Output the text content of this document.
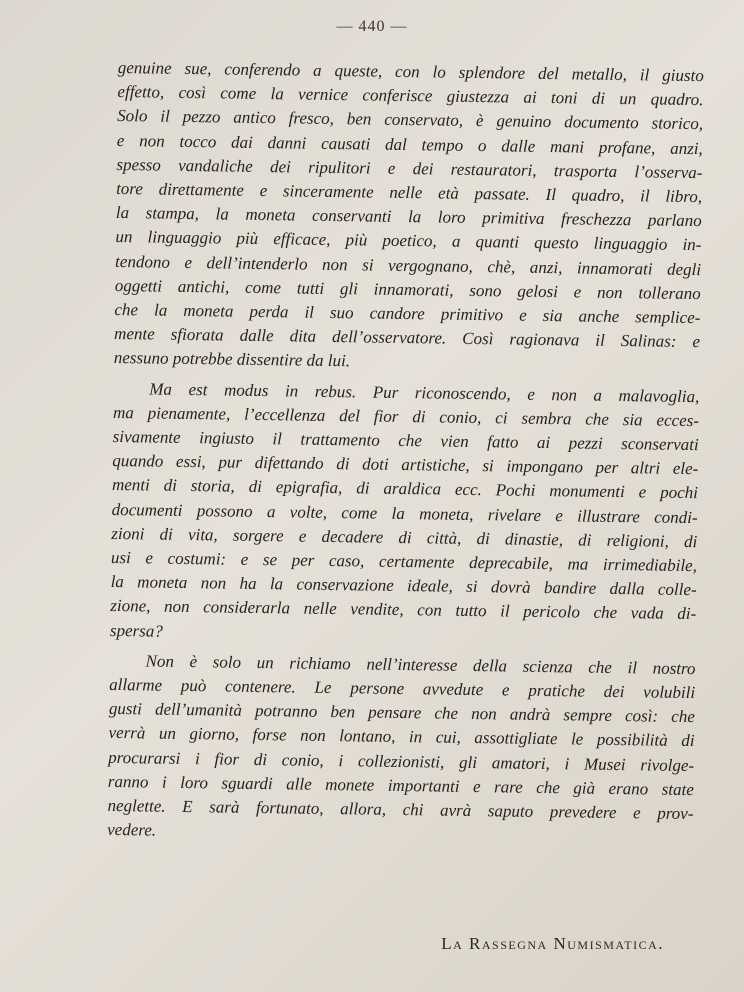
— 440 —
genuine sue, conferendo a queste, con lo splendore del metallo, il giusto
effetto, così come la vernice conferisce giustezza ai toni di un quadro.
Solo il pezzo antico fresco, ben conservato, è genuino documento storico,
e non tocco dai danni causati dal tempo o dalle mani profane, anzi,
spesso vandaliche dei ripulitori e dei restauratori, trasporta l’osserva-
tore direttamente e sinceramente nelle età passate. Il quadro, il libro,
la stampa, la moneta conservanti la loro primitiva freschezza parlano
un linguaggio più efficace, più poetico, a quanti questo linguaggio in-
tendono e dell’intenderlo non si vergognano, chè, anzi, innamorati degli
oggetti antichi, come tutti gli innamorati, sono gelosi e non tollerano
che la moneta perda il suo candore primitivo e sia anche semplice-
mente sfiorata dalle dita dell’osservatore. Così ragionava il Salinas: e
nessuno potrebbe dissentire da lui.
Ma est modus in rebus. Pur riconoscendo, e non a malavoglia,
ma pienamente, l’eccellenza del fior di conio, ci sembra che sia ecces-
sivamente ingiusto il trattamento che vien fatto ai pezzi sconservati
quando essi, pur difettando di doti artistiche, si impongano per altri ele-
menti di storia, di epigrafia, di araldica ecc. Pochi monumenti e pochi
documenti possono a volte, come la moneta, rivelare e illustrare condi-
zioni di vita, sorgere e decadere di città, di dinastie, di religioni, di
usi e costumi: e se per caso, certamente deprecabile, ma irrimediabile,
la moneta non ha la conservazione ideale, si dovrà bandire dalla colle-
zione, non considerarla nelle vendite, con tutto il pericolo che vada di-
spersa?
Non è solo un richiamo nell’interesse della scienza che il nostro
allarme può contenere. Le persone avvedute e pratiche dei volubili
gusti dell’umanità potranno ben pensare che non andrà sempre così: che
verrà un giorno, forse non lontano, in cui, assottigliate le possibilità di
procurarsi i fior di conio, i collezionisti, gli amatori, i Musei rivolge-
ranno i loro sguardi alle monete importanti e rare che già erano state
neglette. E sarà fortunato, allora, chi avrà saputo prevedere e prov-
vedere.
La Rassegna Numismatica.
